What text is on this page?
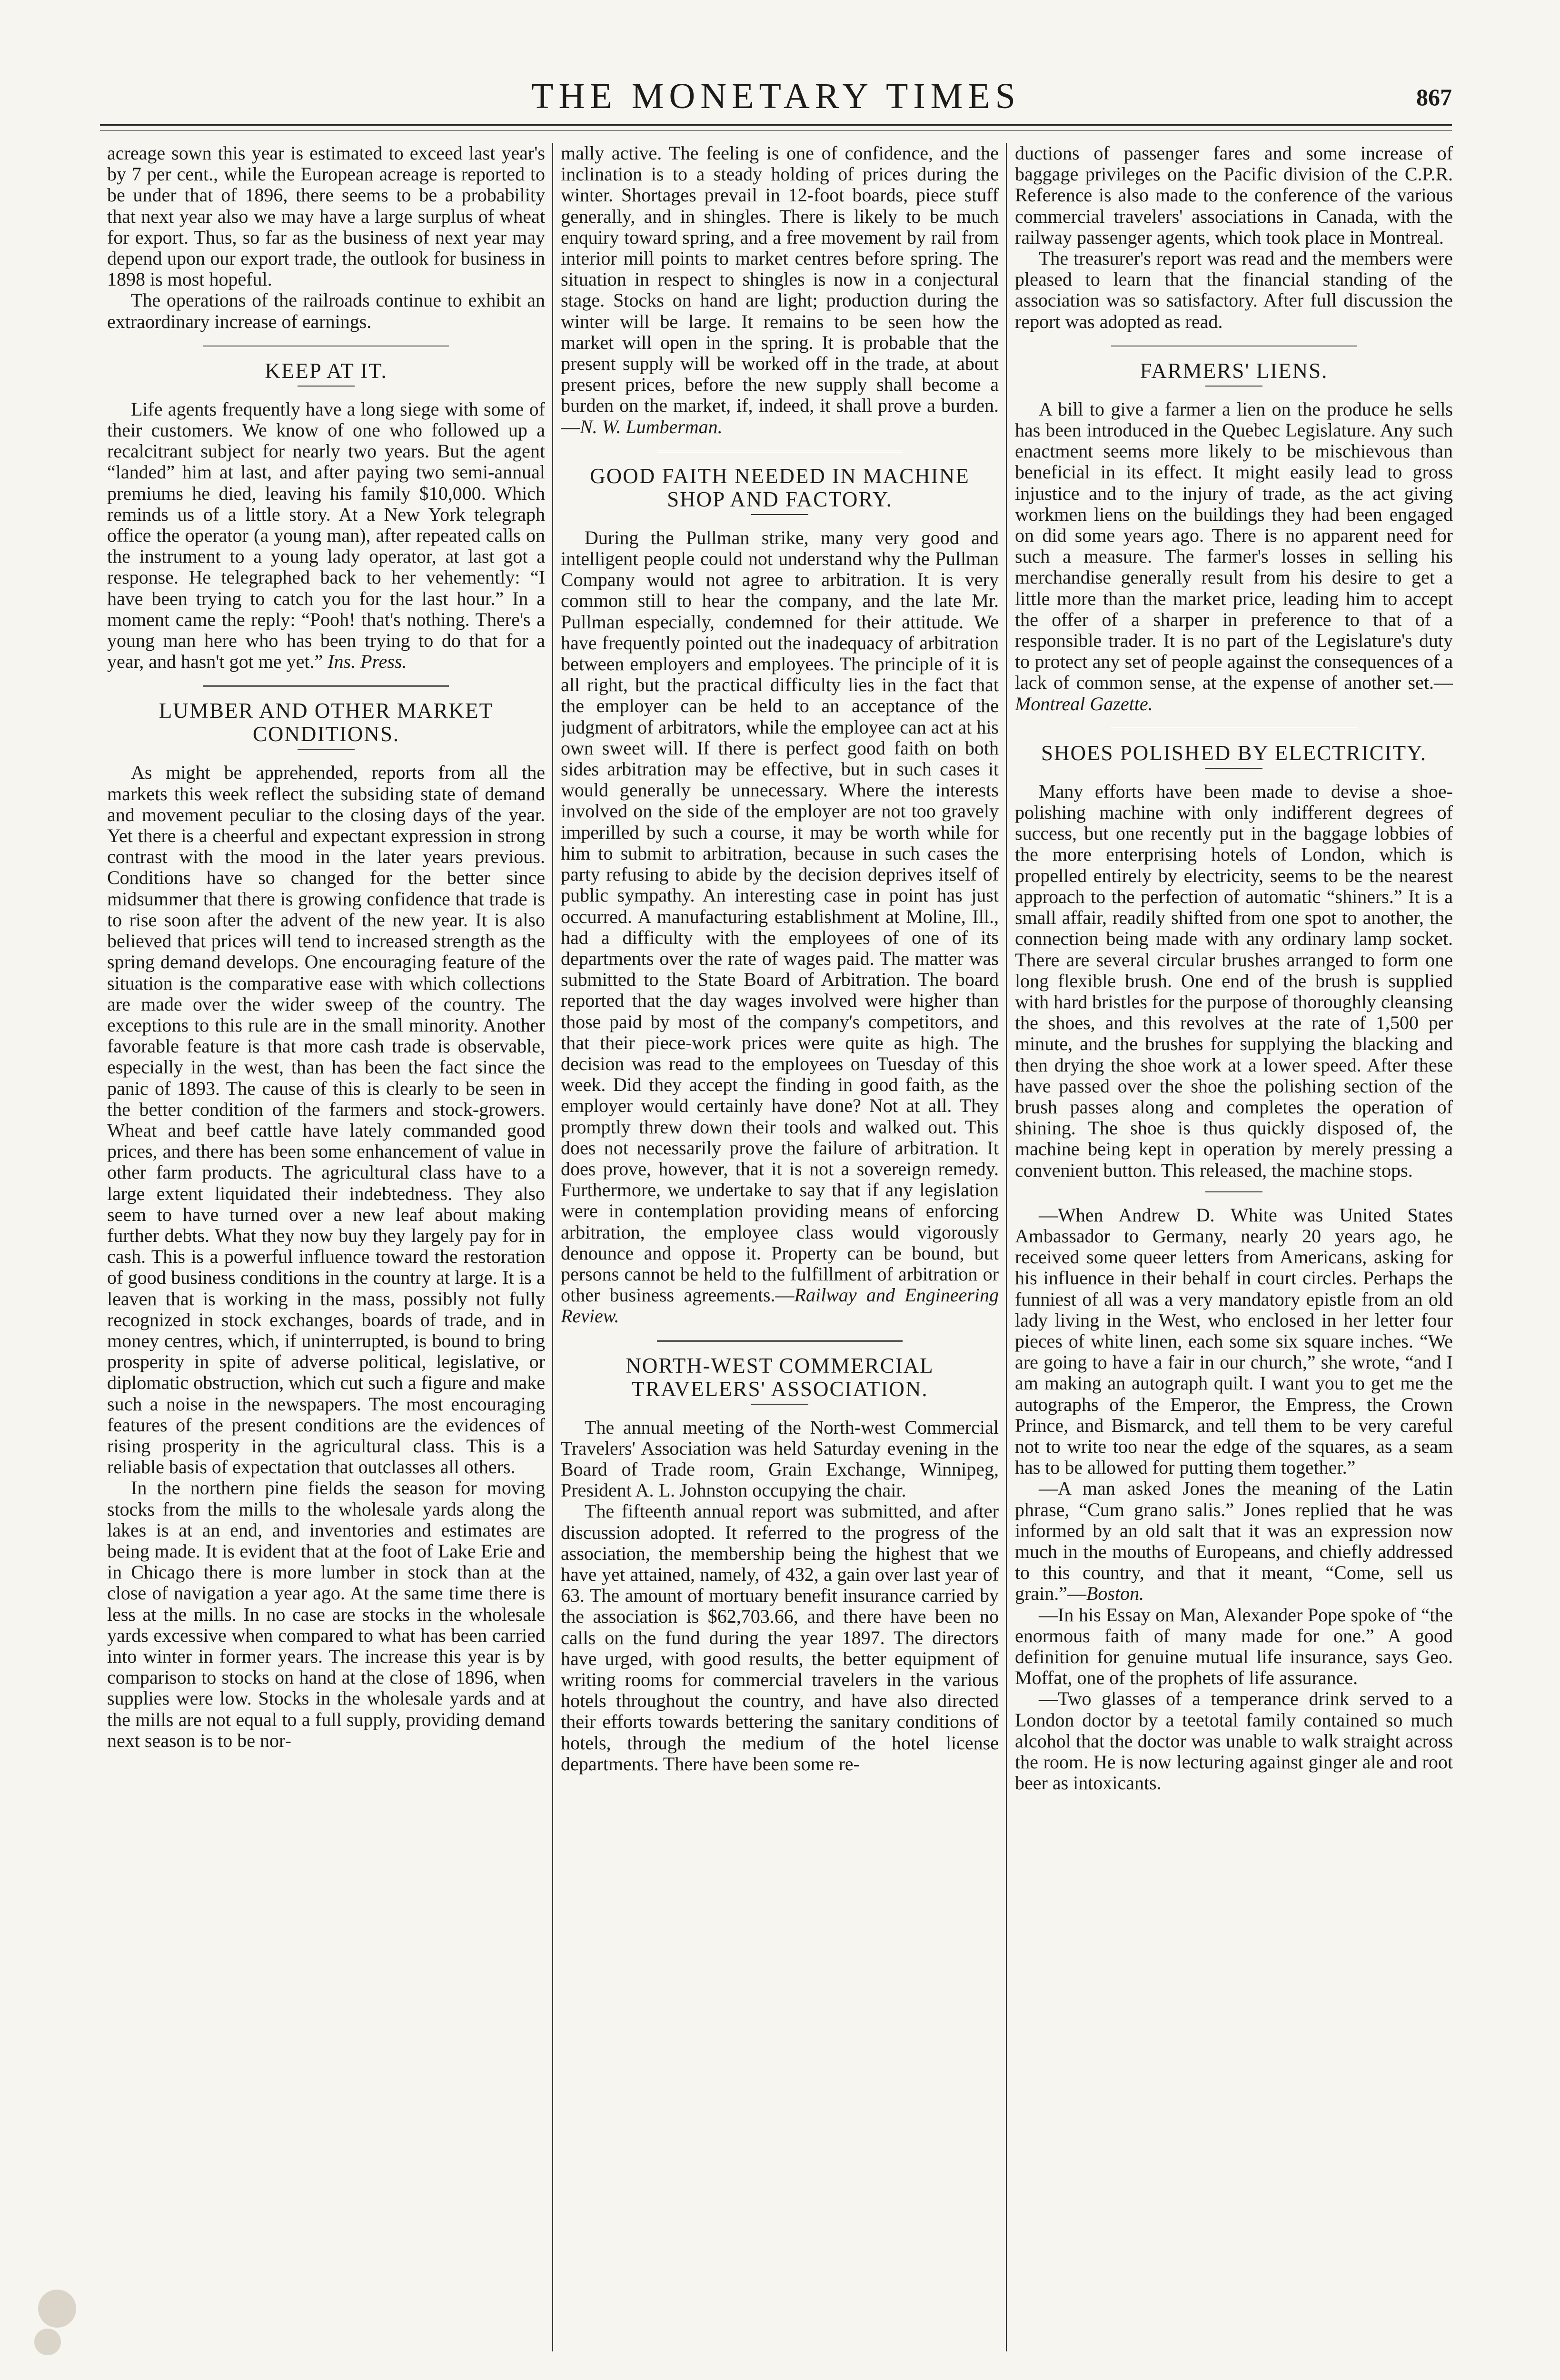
THE MONETARY TIMES	867

acreage sown this year is estimated to exceed last year's by 7 per cent., while the European acreage is reported to be under that of 1896, there seems to be a probability that next year also we may have a large surplus of wheat for export. Thus, so far as the business of next year may depend upon our export trade, the outlook for business in 1898 is most hopeful.

The operations of the railroads continue to exhibit an extraordinary increase of earnings.

KEEP AT IT.

Life agents frequently have a long siege with some of their customers. We know of one who followed up a recalcitrant subject for nearly two years. But the agent “landed” him at last, and after paying two semi-annual premiums he died, leaving his family $10,000. Which reminds us of a little story. At a New York telegraph office the operator (a young man), after repeated calls on the instrument to a young lady operator, at last got a response. He telegraphed back to her vehemently: “I have been trying to catch you for the last hour.” In a moment came the reply: “Pooh! that's nothing. There's a young man here who has been trying to do that for a year, and hasn't got me yet.” Ins. Press.

LUMBER AND OTHER MARKET CONDITIONS.

As might be apprehended, reports from all the markets this week reflect the subsiding state of demand and movement peculiar to the closing days of the year. Yet there is a cheerful and expectant expression in strong contrast with the mood in the later years previous. Conditions have so changed for the better since midsummer that there is growing confidence that trade is to rise soon after the advent of the new year. It is also believed that prices will tend to increased strength as the spring demand develops. One encouraging feature of the situation is the comparative ease with which collections are made over the wider sweep of the country. The exceptions to this rule are in the small minority. Another favorable feature is that more cash trade is observable, especially in the west, than has been the fact since the panic of 1893. The cause of this is clearly to be seen in the better condition of the farmers and stock-growers. Wheat and beef cattle have lately commanded good prices, and there has been some enhancement of value in other farm products. The agricultural class have to a large extent liquidated their indebtedness. They also seem to have turned over a new leaf about making further debts. What they now buy they largely pay for in cash. This is a powerful influence toward the restoration of good business conditions in the country at large. It is a leaven that is working in the mass, possibly not fully recognized in stock exchanges, boards of trade, and in money centres, which, if uninterrupted, is bound to bring prosperity in spite of adverse political, legislative, or diplomatic obstruction, which cut such a figure and make such a noise in the newspapers. The most encouraging features of the present conditions are the evidences of rising prosperity in the agricultural class. This is a reliable basis of expectation that outclasses all others.

In the northern pine fields the season for moving stocks from the mills to the wholesale yards along the lakes is at an end, and inventories and estimates are being made. It is evident that at the foot of Lake Erie and in Chicago there is more lumber in stock than at the close of navigation a year ago. At the same time there is less at the mills. In no case are stocks in the wholesale yards excessive when compared to what has been carried into winter in former years. The increase this year is by comparison to stocks on hand at the close of 1896, when supplies were low. Stocks in the wholesale yards and at the mills are not equal to a full supply, providing demand next season is to be nor-

mally active. The feeling is one of confidence, and the inclination is to a steady holding of prices during the winter. Shortages prevail in 12-foot boards, piece stuff generally, and in shingles. There is likely to be much enquiry toward spring, and a free movement by rail from interior mill points to market centres before spring. The situation in respect to shingles is now in a conjectural stage. Stocks on hand are light; production during the winter will be large. It remains to be seen how the market will open in the spring. It is probable that the present supply will be worked off in the trade, at about present prices, before the new supply shall become a burden on the market, if, indeed, it shall prove a burden.—N. W. Lumberman.

GOOD FAITH NEEDED IN MACHINE SHOP AND FACTORY.

During the Pullman strike, many very good and intelligent people could not understand why the Pullman Company would not agree to arbitration. It is very common still to hear the company, and the late Mr. Pullman especially, condemned for their attitude. We have frequently pointed out the inadequacy of arbitration between employers and employees. The principle of it is all right, but the practical difficulty lies in the fact that the employer can be held to an acceptance of the judgment of arbitrators, while the employee can act at his own sweet will. If there is perfect good faith on both sides arbitration may be effective, but in such cases it would generally be unnecessary. Where the interests involved on the side of the employer are not too gravely imperilled by such a course, it may be worth while for him to submit to arbitration, because in such cases the party refusing to abide by the decision deprives itself of public sympathy. An interesting case in point has just occurred. A manufacturing establishment at Moline, Ill., had a difficulty with the employees of one of its departments over the rate of wages paid. The matter was submitted to the State Board of Arbitration. The board reported that the day wages involved were higher than those paid by most of the company's competitors, and that their piece-work prices were quite as high. The decision was read to the employees on Tuesday of this week. Did they accept the finding in good faith, as the employer would certainly have done? Not at all. They promptly threw down their tools and walked out. This does not necessarily prove the failure of arbitration. It does prove, however, that it is not a sovereign remedy. Furthermore, we undertake to say that if any legislation were in contemplation providing means of enforcing arbitration, the employee class would vigorously denounce and oppose it. Property can be bound, but persons cannot be held to the fulfillment of arbitration or other business agreements.—Railway and Engineering Review.

NORTH-WEST COMMERCIAL TRAVELERS' ASSOCIATION.

The annual meeting of the North-west Commercial Travelers' Association was held Saturday evening in the Board of Trade room, Grain Exchange, Winnipeg, President A. L. Johnston occupying the chair.

The fifteenth annual report was submitted, and after discussion adopted. It referred to the progress of the association, the membership being the highest that we have yet attained, namely, of 432, a gain over last year of 63. The amount of mortuary benefit insurance carried by the association is $62,703.66, and there have been no calls on the fund during the year 1897. The directors have urged, with good results, the better equipment of writing rooms for commercial travelers in the various hotels throughout the country, and have also directed their efforts towards bettering the sanitary conditions of hotels, through the medium of the hotel license departments. There have been some re-

ductions of passenger fares and some increase of baggage privileges on the Pacific division of the C.P.R. Reference is also made to the conference of the various commercial travelers' associations in Canada, with the railway passenger agents, which took place in Montreal.

The treasurer's report was read and the members were pleased to learn that the financial standing of the association was so satisfactory. After full discussion the report was adopted as read.

FARMERS' LIENS.

A bill to give a farmer a lien on the produce he sells has been introduced in the Quebec Legislature. Any such enactment seems more likely to be mischievous than beneficial in its effect. It might easily lead to gross injustice and to the injury of trade, as the act giving workmen liens on the buildings they had been engaged on did some years ago. There is no apparent need for such a measure. The farmer's losses in selling his merchandise generally result from his desire to get a little more than the market price, leading him to accept the offer of a sharper in preference to that of a responsible trader. It is no part of the Legislature's duty to protect any set of people against the consequences of a lack of common sense, at the expense of another set.—Montreal Gazette.

SHOES POLISHED BY ELECTRICITY.

Many efforts have been made to devise a shoe-polishing machine with only indifferent degrees of success, but one recently put in the baggage lobbies of the more enterprising hotels of London, which is propelled entirely by electricity, seems to be the nearest approach to the perfection of automatic “shiners.” It is a small affair, readily shifted from one spot to another, the connection being made with any ordinary lamp socket. There are several circular brushes arranged to form one long flexible brush. One end of the brush is supplied with hard bristles for the purpose of thoroughly cleansing the shoes, and this revolves at the rate of 1,500 per minute, and the brushes for supplying the blacking and then drying the shoe work at a lower speed. After these have passed over the shoe the polishing section of the brush passes along and completes the operation of shining. The shoe is thus quickly disposed of, the machine being kept in operation by merely pressing a convenient button. This released, the machine stops.

—When Andrew D. White was United States Ambassador to Germany, nearly 20 years ago, he received some queer letters from Americans, asking for his influence in their behalf in court circles. Perhaps the funniest of all was a very mandatory epistle from an old lady living in the West, who enclosed in her letter four pieces of white linen, each some six square inches. “We are going to have a fair in our church,” she wrote, “and I am making an autograph quilt. I want you to get me the autographs of the Emperor, the Empress, the Crown Prince, and Bismarck, and tell them to be very careful not to write too near the edge of the squares, as a seam has to be allowed for putting them together.”

—A man asked Jones the meaning of the Latin phrase, “Cum grano salis.” Jones replied that he was informed by an old salt that it was an expression now much in the mouths of Europeans, and chiefly addressed to this country, and that it meant, “Come, sell us grain.”—Boston.

—In his Essay on Man, Alexander Pope spoke of “the enormous faith of many made for one.” A good definition for genuine mutual life insurance, says Geo. Moffat, one of the prophets of life assurance.

—Two glasses of a temperance drink served to a London doctor by a teetotal family contained so much alcohol that the doctor was unable to walk straight across the room. He is now lecturing against ginger ale and root beer as intoxicants.
